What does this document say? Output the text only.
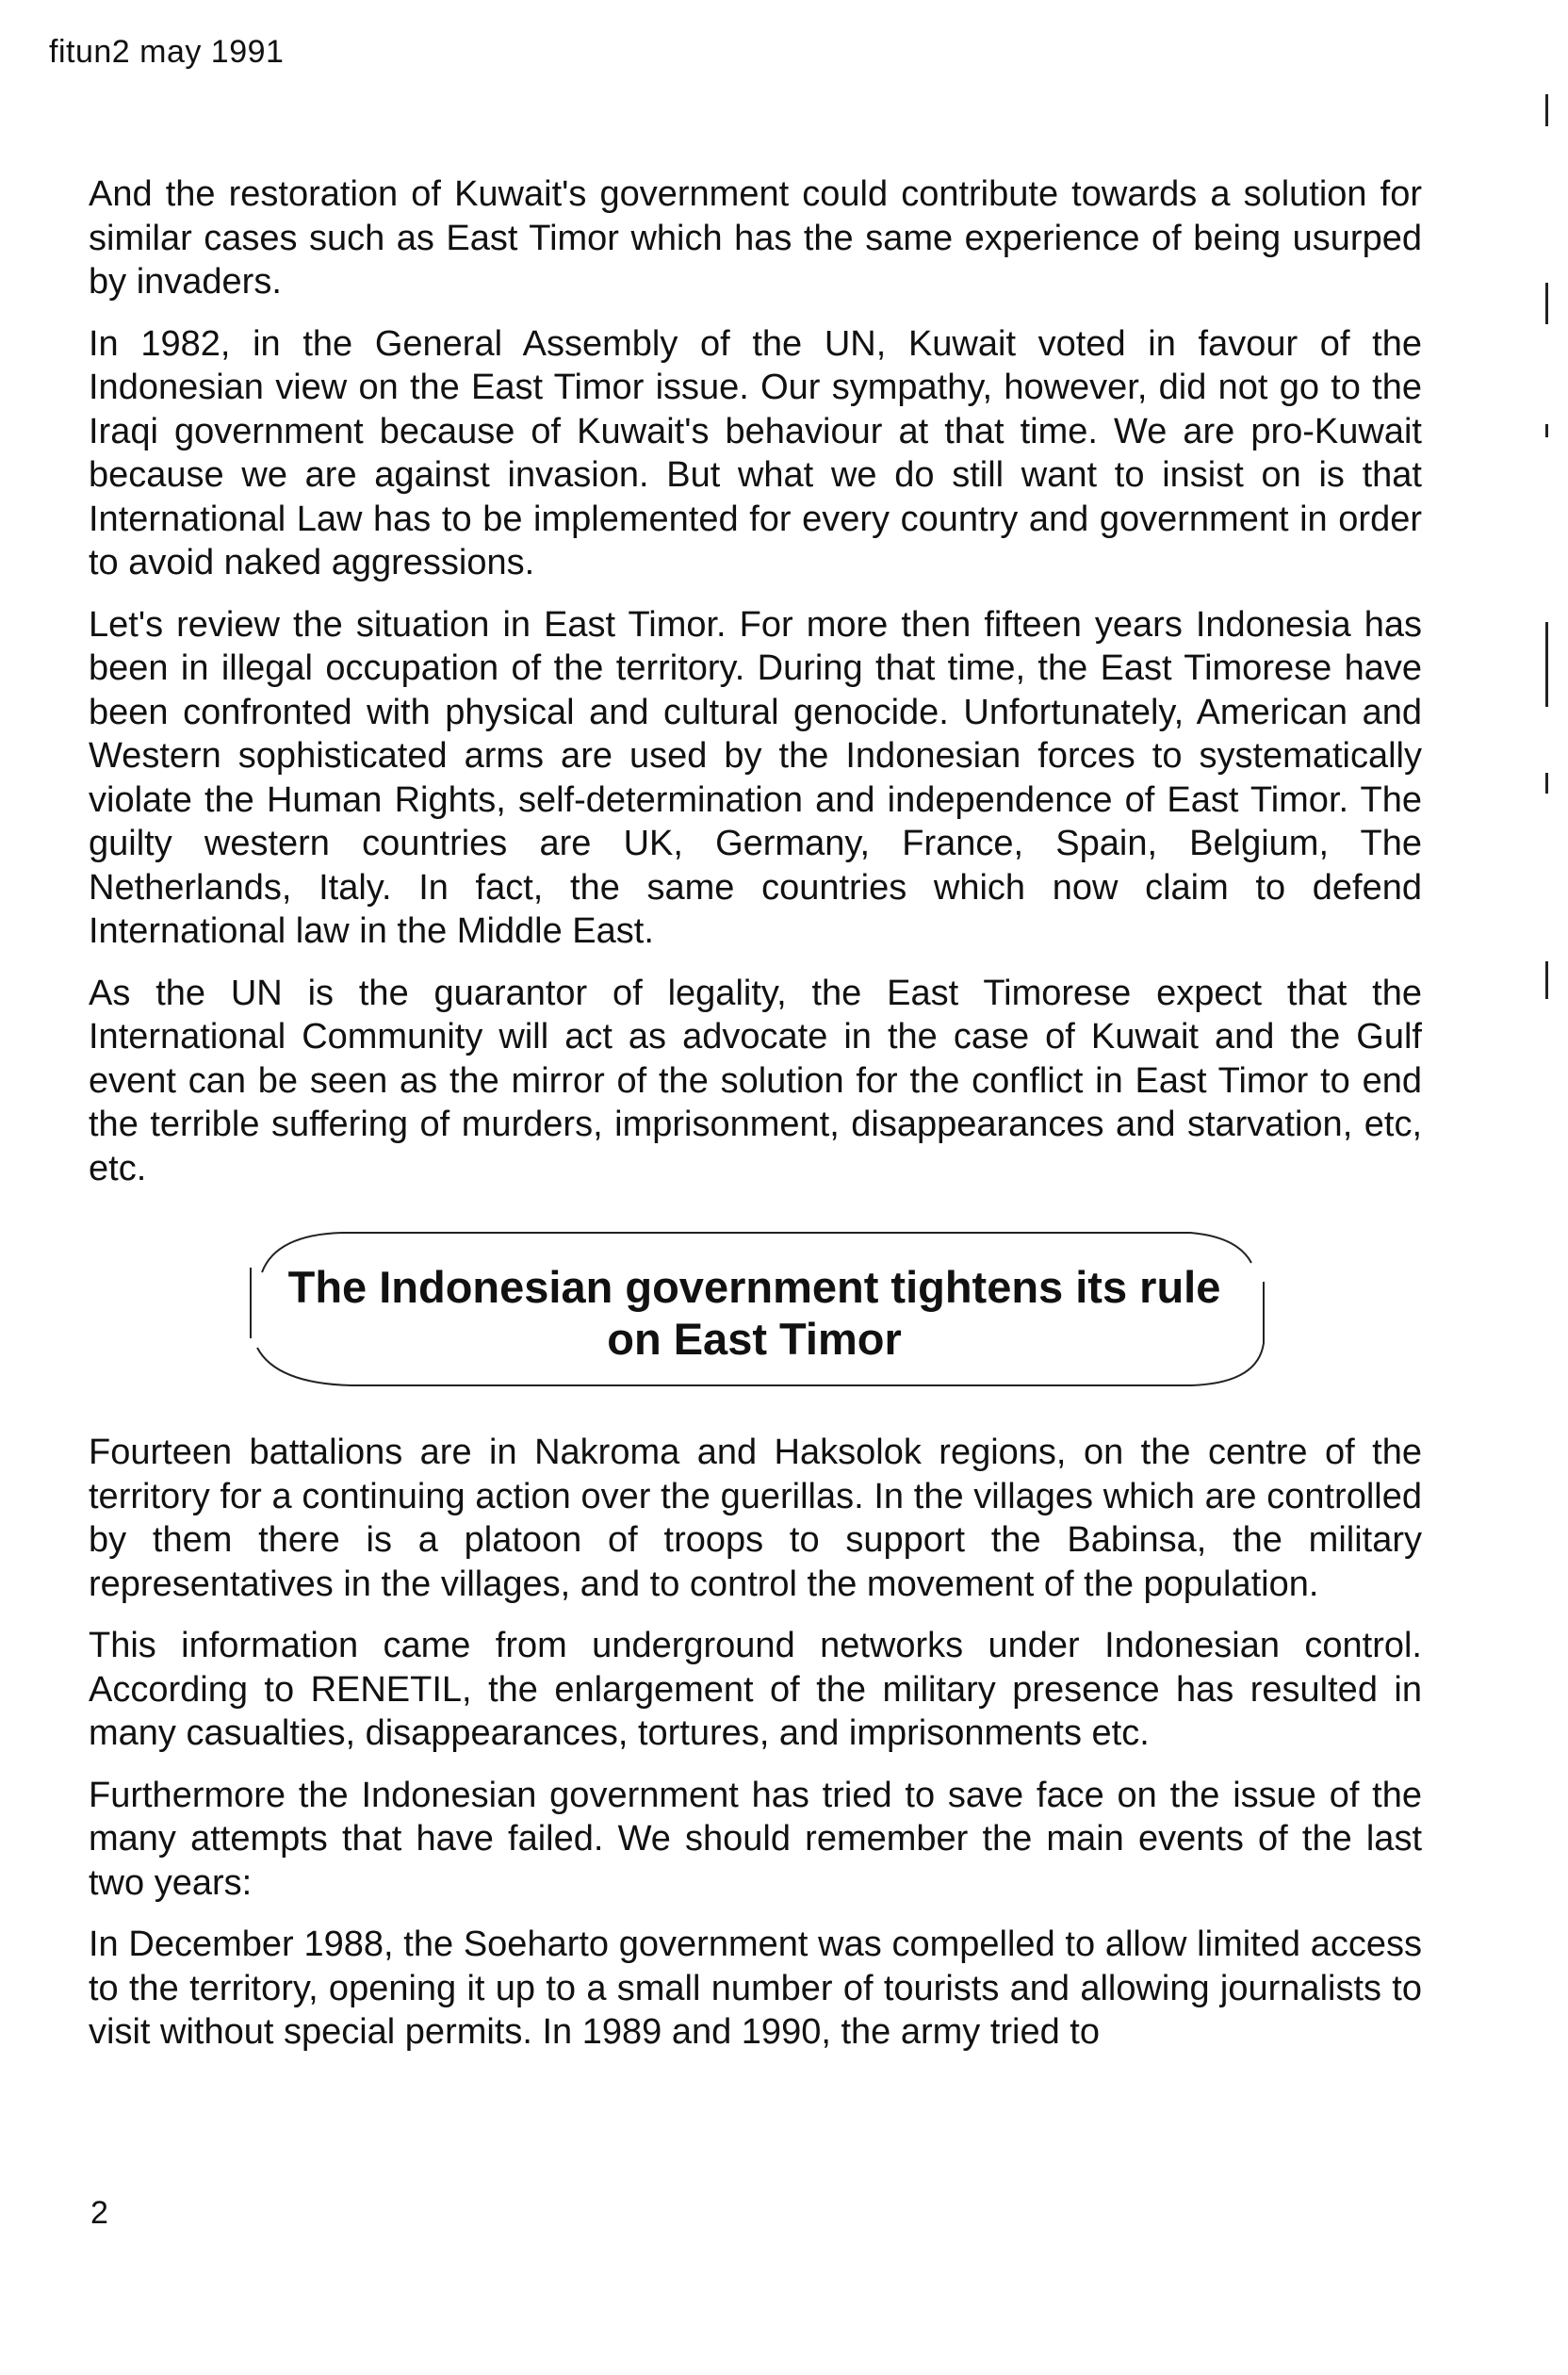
fitun2 may 1991

And the restoration of Kuwait's government could contribute towards a solution for similar cases such as East Timor which has the same experience of being usurped by invaders.

In 1982, in the General Assembly of the UN, Kuwait voted in favour of the Indonesian view on the East Timor issue. Our sympathy, however, did not go to the Iraqi government because of Kuwait's behaviour at that time. We are pro-Kuwait because we are against invasion. But what we do still want to insist on is that International Law has to be implemented for every country and government in order to avoid naked aggressions.

Let's review the situation in East Timor. For more then fifteen years Indonesia has been in illegal occupation of the territory. During that time, the East Timorese have been confronted with physical and cultural genocide. Unfortunately, American and Western sophisticated arms are used by the Indonesian forces to systematically violate the Human Rights, self-determination and independence of East Timor. The guilty western countries are UK, Germany, France, Spain, Belgium, The Netherlands, Italy. In fact, the same countries which now claim to defend International law in the Middle East.

As the UN is the guarantor of legality, the East Timorese expect that the International Community will act as advocate in the case of Kuwait and the Gulf event can be seen as the mirror of the solution for the conflict in East Timor to end the terrible suffering of murders, imprisonment, disappearances and starvation, etc, etc.

The Indonesian government tightens its rule
on East Timor

Fourteen battalions are in Nakroma and Haksolok regions, on the centre of the territory for a continuing action over the guerillas. In the villages which are controlled by them there is a platoon of troops to support the Babinsa, the military representatives in the villages, and to control the movement of the population.

This information came from underground networks under Indonesian control. According to RENETIL, the enlargement of the military presence has resulted in many casualties, disappearances, tortures, and imprisonments etc.

Furthermore the Indonesian government has tried to save face on the issue of the many attempts that have failed. We should remember the main events of the last two years:

In December 1988, the Soeharto government was compelled to allow limited access to the territory, opening it up to a small number of tourists and allowing journalists to visit without special permits. In 1989 and 1990, the army tried to

2
